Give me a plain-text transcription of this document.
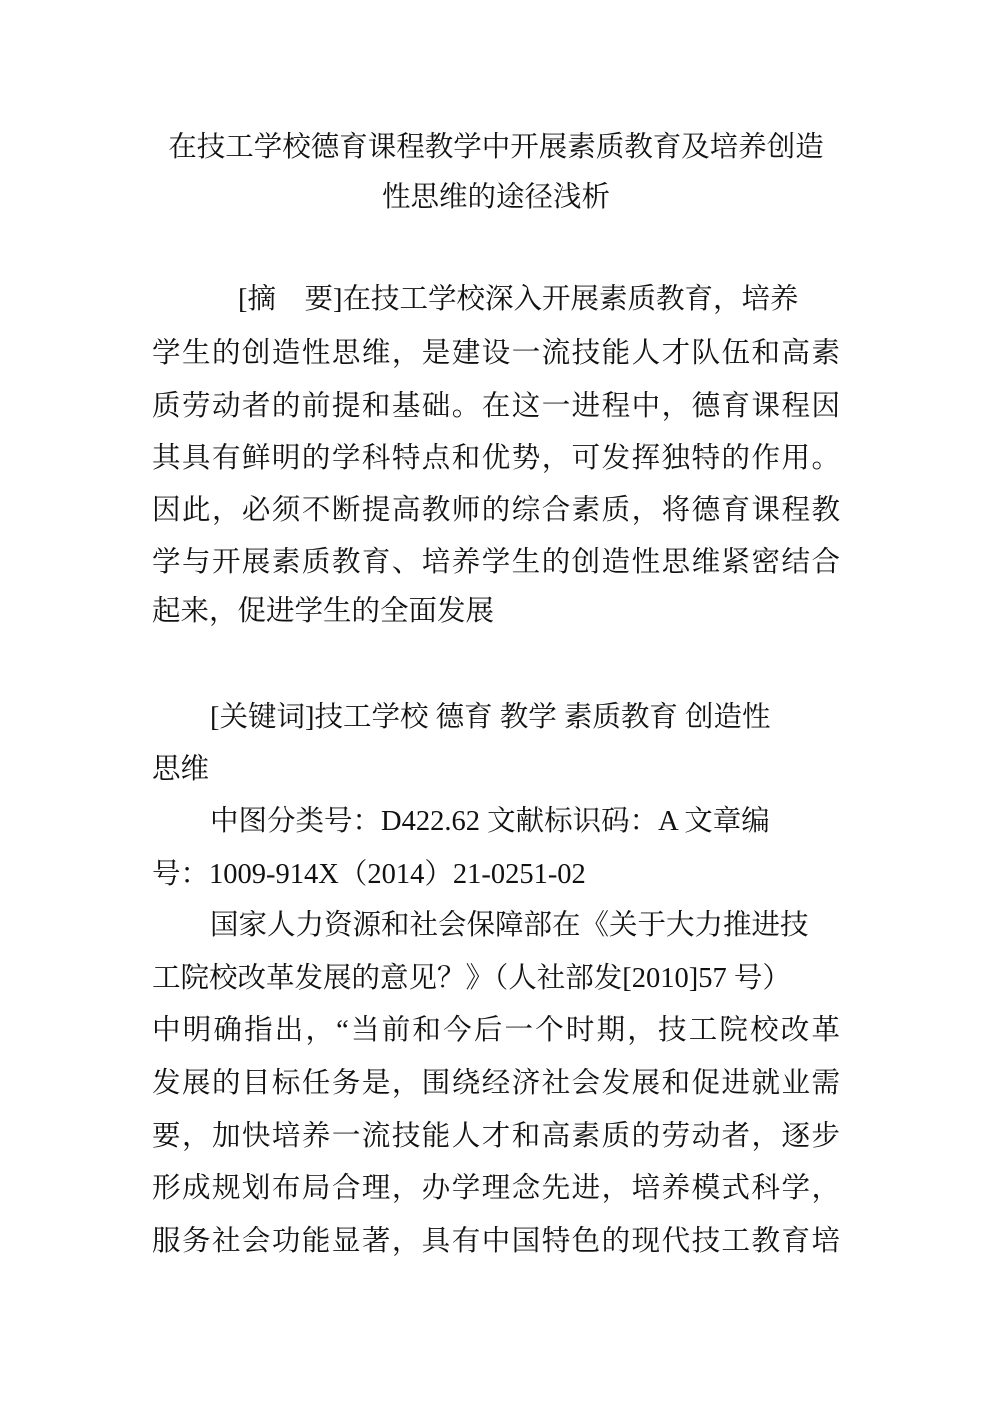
在技工学校德育课程教学中开展素质教育及培养创造
性思维的途径浅析
[摘　要]在技工学校深入开展素质教育，培养
学生的创造性思维，是建设一流技能人才队伍和高素
质劳动者的前提和基础。在这一进程中，德育课程因
其具有鲜明的学科特点和优势，可发挥独特的作用。
因此，必须不断提高教师的综合素质，将德育课程教
学与开展素质教育、培养学生的创造性思维紧密结合
起来，促进学生的全面发展
[关键词]技工学校 德育 教学 素质教育 创造性
思维
中图分类号：D422.62 文献标识码：A 文章编
号：1009-914X（2014）21-0251-02
国家人力资源和社会保障部在《关于大力推进技
工院校改革发展的意见？》（人社部发[2010]57 号）
中明确指出，“当前和今后一个时期，技工院校改革
发展的目标任务是，围绕经济社会发展和促进就业需
要，加快培养一流技能人才和高素质的劳动者，逐步
形成规划布局合理，办学理念先进，培养模式科学，
服务社会功能显著，具有中国特色的现代技工教育培
